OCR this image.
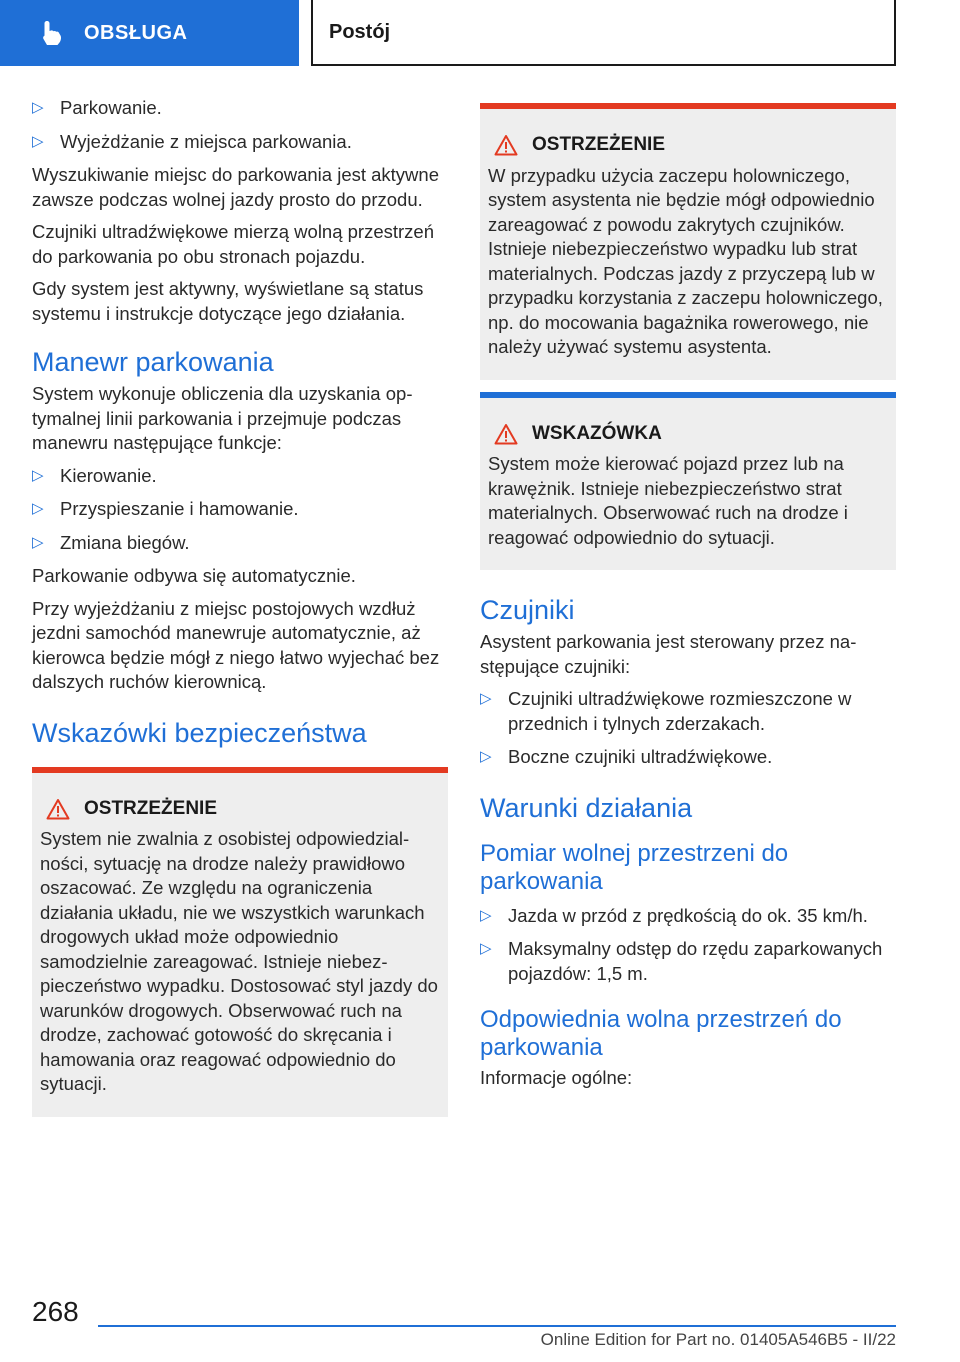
OBSŁUGA	Postój
▷ Parkowanie.
▷ Wyjeżdżanie z miejsca parkowania.

Wyszukiwanie miejsc do parkowania jest aktywne zawsze podczas wolnej jazdy prosto do przodu.

Czujniki ultradźwiękowe mierzą wolną przestrzeń do parkowania po obu stronach pojazdu.

Gdy system jest aktywny, wyświetlane są status systemu i instrukcje dotyczące jego działania.

Manewr parkowania

System wykonuje obliczenia dla uzyskania optymalnej linii parkowania i przejmuje podczas manewru następujące funkcje:

▷ Kierowanie.
▷ Przyspieszanie i hamowanie.
▷ Zmiana biegów.

Parkowanie odbywa się automatycznie.

Przy wyjeżdżaniu z miejsc postojowych wzdłuż jezdni samochód manewruje automatycznie, aż kierowca będzie mógł z niego łatwo wyjechać bez dalszych ruchów kierownicą.

Wskazówki bezpieczeństwa
OSTRZEŻENIE
System nie zwalnia z osobistej odpowiedzialności, sytuację na drodze należy prawidłowo oszacować. Ze względu na ograniczenia działania układu, nie we wszystkich warunkach drogowych układ może odpowiednio samodzielnie zareagować. Istnieje niebezpieczeństwo wypadku. Dostosować styl jazdy do warunków drogowych. Obserwować ruch na drodze, zachować gotowość do skręcania i hamowania oraz reagować odpowiednio do sytuacji.
OSTRZEŻENIE
W przypadku użycia zaczepu holowniczego, system asystenta nie będzie mógł odpowiednio zareagować z powodu zakrytych czujników. Istnieje niebezpieczeństwo wypadku lub strat materialnych. Podczas jazdy z przyczepą lub w przypadku korzystania z zaczepu holowniczego, np. do mocowania bagażnika rowerowego, nie należy używać systemu asystenta.
WSKAZÓWKA
System może kierować pojazd przez lub na krawężnik. Istnieje niebezpieczeństwo strat materialnych. Obserwować ruch na drodze i reagować odpowiednio do sytuacji.
Czujniki

Asystent parkowania jest sterowany przez następujące czujniki:

▷ Czujniki ultradźwiękowe rozmieszczone w przednich i tylnych zderzakach.
▷ Boczne czujniki ultradźwiękowe.
Warunki działania
Pomiar wolnej przestrzeni do parkowania
▷ Jazda w przód z prędkością do ok. 35 km/h.
▷ Maksymalny odstęp do rzędu zaparkowanych pojazdów: 1,5 m.
Odpowiednia wolna przestrzeń do parkowania

Informacje ogólne:

268
Online Edition for Part no. 01405A546B5 - II/22
